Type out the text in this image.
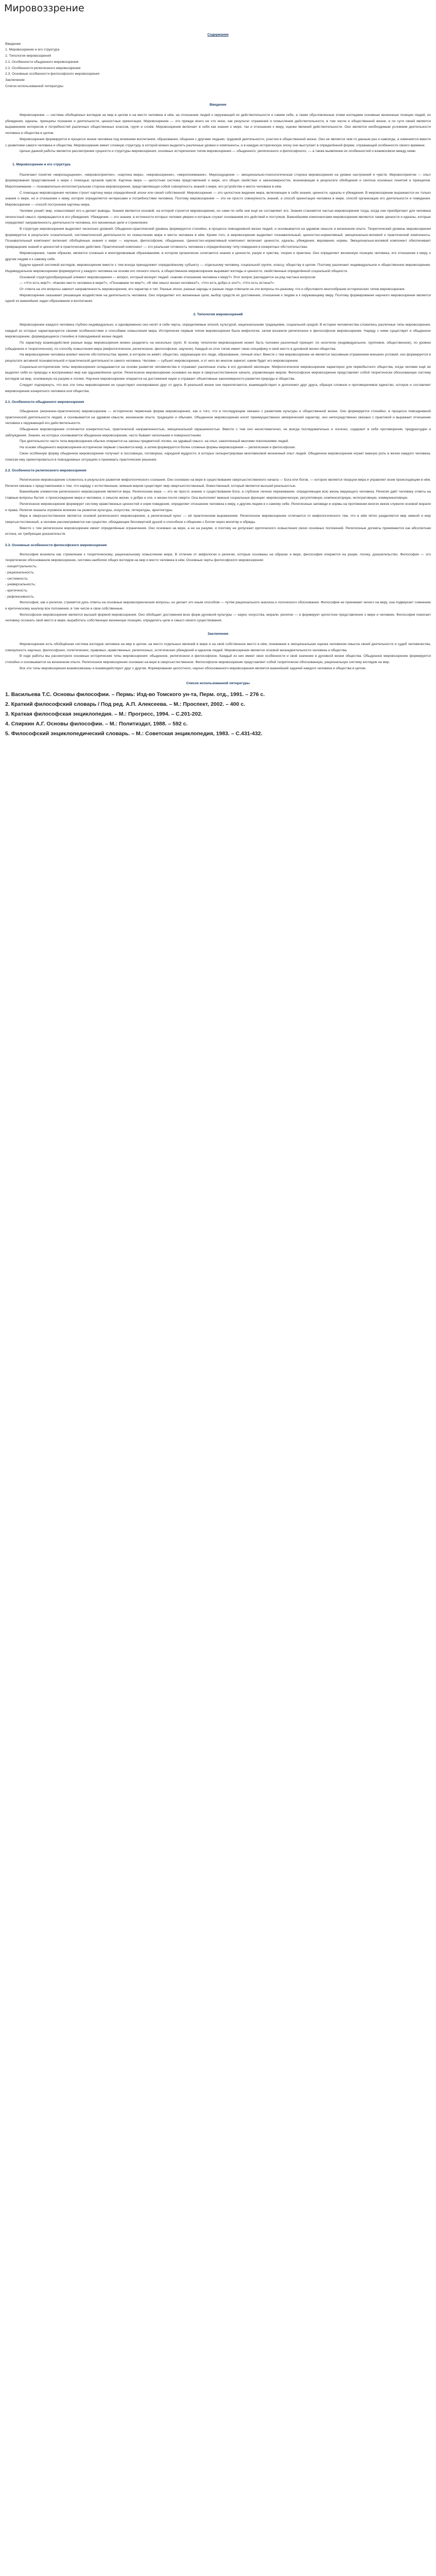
Мировоззрение
Содержание
Введение
1. Мировоззрение и его структура
2. Типология мировоззрений
2.1. Особенности обыденного мировоззрения
2.2. Особенности религиозного мировоззрения
2.3. Основные особенности философского мировоззрения
Заключение
Список использованной литературы
Введение

Мировоззрение — система обобщённых взглядов на мир в целом и на место человека в нём, на отношение людей к окружающей их действительности и самим себе, а также обусловленные этими взглядами основные жизненные позиции людей, их убеждения, идеалы, принципы познания и деятельности, ценностные ориентации. Мировоззрение — это прежде всего не что иное, как результат отражения и осмысления действительности, в том числе и общественной жизни, и по сути своей является выражением интересов и потребностей различных общественных классов, групп и слоёв. Мировоззрение включает в себя как знания о мире, так и отношение к миру, оценки явлений действительности. Оно является необходимым условием деятельности человека и общества в целом.

Мировоззрение формируется в процессе жизни человека под влиянием воспитания, образования, общения с другими людьми, трудовой деятельности, участия в общественной жизни. Оно не является чем-то данным раз и навсегда, а изменяется вместе с развитием самого человека и общества. Мировоззрение имеет сложную структуру, в которой можно выделить различные уровни и компоненты, и в каждую историческую эпоху оно выступает в определённой форме, отражающей особенности своего времени.

Целью данной работы является рассмотрение сущности и структуры мировоззрения, основных исторических типов мировоззрения — обыденного, религиозного и философского, — а также выявление их особенностей и взаимосвязи между ними.

1. Мировоззрение и его структура

Различают понятия «мироощущение», «мировосприятие», «картина мира», «мировоззрение», «миропонимание». Мироощущение — эмоционально-психологическая сторона мировоззрения на уровне настроений и чувств. Мировосприятие — опыт формирования представлений о мире с помощью органов чувств. Картина мира — целостная система представлений о мире, его общих свойствах и закономерностях, возникающая в результате обобщения и синтеза основных понятий и принципов. Миропонимание — познавательно-интеллектуальная сторона мировоззрения, представляющая собой совокупность знаний о мире, его устройстве и месте человека в нём.

С помощью мировоззрения человек строит картину мира определённой эпохи или своей собственной. Мировоззрение — это целостное видение мира, включающее в себя знания, ценности, идеалы и убеждения. В мировоззрении выражаются не только знания о мире, но и отношение к нему, которое определяется интересами и потребностями человека. Поэтому мировоззрение — это не просто совокупность знаний, а способ ориентации человека в мире, способ организации его деятельности и поведения. Мировоззрение — способ построения картины мира.

Человек узнаёт мир, осмысливает его и делает выводы. Знания являются основой, на которой строится мировоззрение, но сами по себе они ещё не составляют его. Знания становятся частью мировоззрения тогда, когда они приобретают для человека личностный смысл, превращаются в его убеждения. Убеждения — это знания, в истинности которых человек уверен и которые служат основанием его действий и поступков. Важнейшими компонентами мировоззрения являются также ценности и идеалы, которые определяют направленность деятельности человека, его жизненные цели и стремления.

В структуре мировоззрения выделяют несколько уровней. Обыденно-практический уровень формируется стихийно, в процессе повседневной жизни людей, и основывается на здравом смысле и жизненном опыте. Теоретический уровень мировоззрения формируется в результате сознательной, систематической деятельности по осмыслению мира и места человека в нём. Кроме того, в мировоззрении выделяют познавательный, ценностно-нормативный, эмоционально-волевой и практический компоненты. Познавательный компонент включает обобщённые знания о мире — научные, философские, обыденные. Ценностно-нормативный компонент включает ценности, идеалы, убеждения, верования, нормы. Эмоционально-волевой компонент обеспечивает превращение знаний и ценностей в практические действия. Практический компонент — это реальная готовность человека к определённому типу поведения в конкретных обстоятельствах.

Мировоззрение, таким образом, является сложным и многоуровневым образованием, в котором органически сочетаются знания и ценности, разум и чувства, теория и практика. Оно определяет жизненную позицию человека, его отношение к миру, к другим людям и к самому себе.

Будучи единой системой взглядов, мировоззрение вместе с тем всегда принадлежит определённому субъекту — отдельному человеку, социальной группе, классу, обществу в целом. Поэтому различают индивидуальное и общественное мировоззрение. Индивидуальное мировоззрение формируется у каждого человека на основе его личного опыта, а общественное мировоззрение выражает взгляды и ценности, свойственные определённой социальной общности.

Основной структурообразующий элемент мировоззрения — вопрос, который волнует людей: «каково отношение человека к миру?» Этот вопрос распадается на ряд частных вопросов:

— «Что есть мир?», «Каково место человека в мире?», «Познаваем ли мир?», «В чём смысл жизни человека?», «Что есть добро и зло?», «Что есть истина?».

От ответа на эти вопросы зависит направленность мировоззрения, его характер и тип. Разные эпохи, разные народы и разные люди отвечали на эти вопросы по-разному, что и обусловило многообразие исторических типов мировоззрения.

Мировоззрение оказывает решающее воздействие на деятельность человека. Оно определяет его жизненные цели, выбор средств их достижения, отношение к людям и к окружающему миру. Поэтому формирование научного мировоззрения является одной из важнейших задач образования и воспитания.

2. Типология мировоззрений

Мировоззрение каждого человека глубоко индивидуально, и одновременно оно несёт в себе черты, определяемые эпохой, культурой, национальными традициями, социальной средой. В истории человечества сложились различные типы мировоззрения, каждый из которых характеризуется своими особенностями и способами осмысления мира. Исторически первым типом мировоззрения была мифология, затем возникли религиозное и философское мировоззрение. Наряду с ними существует и обыденное мировоззрение, формирующееся стихийно в повседневной жизни людей.

По характеру взаимодействия разные виды мировоззрения можно разделить на несколько групп. В основу типологии мировоззрения может быть положен различный принцип: по носителю (индивидуальное, групповое, общественное), по уровню (обыденное и теоретическое), по способу осмысления мира (мифологическое, религиозное, философское, научное). Каждый из этих типов имеет свою специфику и своё место в духовной жизни общества.

На мировоззрение человека влияют многие обстоятельства: время, в котором он живёт, общество, окружающие его люди, образование, личный опыт. Вместе с тем мировоззрение не является пассивным отражением внешних условий, оно формируется в результате активной познавательной и практической деятельности самого человека. Человек — субъект мировоззрения, и от него во многом зависит, каким будет его мировоззрение.

Социально-исторические типы мировоззрения складываются на основе развития человечества и отражают различные этапы в его духовной эволюции. Мифологическое мировоззрение характерно для первобытного общества, когда человек ещё не выделял себя из природы и воспринимал мир как одушевлённое целое. Религиозное мировоззрение основано на вере в сверхъестественное начало, управляющее миром. Философское мировоззрение представляет собой теоретически обоснованную систему взглядов на мир, основанную на разуме и логике. Научное мировоззрение опирается на достижения науки и отражает объективные закономерности развития природы и общества.

Следует подчеркнуть, что все эти типы мировоззрения не существуют изолированно друг от друга. В реальной жизни они переплетаются, взаимодействуют и дополняют друг друга, образуя сложное и противоречивое единство, которое и составляет мировоззрение конкретного человека или общества.

2.1. Особенности обыденного мировоззрения

Обыденное (жизненно-практическое) мировоззрение — исторически первичная форма мировоззрения, как и того, что в последующем связано с развитием культуры и общественной жизни. Оно формируется стихийно, в процессе повседневной практической деятельности людей, и основывается на здравом смысле, жизненном опыте, традициях и обычаях. Обыденное мировоззрение носит преимущественно эмпирический характер, оно непосредственно связано с практикой и выражает отношение человека к окружающей его действительности.

Обыденное мировоззрение отличается конкретностью, практической направленностью, эмоциональной окрашенностью. Вместе с тем оно несистематично, не всегда последовательно и логично, содержит в себе противоречия, предрассудки и заблуждения. Знания, на которых основывается обыденное мировоззрение, часто бывают неполными и поверхностными.

При деятельности части тела мировоззрения обычно опирается на законы предметной логики, на здравый смысл, на опыт, накопленный многими поколениями людей.

На основе обыденного мировоззрения исторически первым становится миф, а затем формируются более сложные формы мировоззрения — религиозная и философская.

Свою особенную форму обыденное мировоззрение получает в пословицах, поговорках, народной мудрости, в которых сконцентрирован многовековой жизненный опыт людей. Обыденное мировоззрение играет важную роль в жизни каждого человека, помогая ему ориентироваться в повседневных ситуациях и принимать практические решения.

2.2. Особенности религиозного мировоззрения

Религиозное мировоззрение сложилось в результате развития мифологического сознания. Оно основано на вере в существование сверхъестественного начала — Бога или богов, — которое является творцом мира и управляет всем происходящим в нём. Религия связана с представлением о том, что наряду с естественным, земным миром существует мир сверхъестественный, божественный, который является высшей реальностью.

Важнейшим элементом религиозного мировоззрения является вера. Религиозная вера — это не просто знание о существовании Бога, а глубокое личное переживание, определяющее всю жизнь верующего человека. Религия даёт человеку ответы на главные вопросы бытия: о происхождении мира и человека, о смысле жизни, о добре и зле, о жизни после смерти. Она выполняет важные социальные функции: мировоззренческую, регулятивную, компенсаторную, интегративную, коммуникативную.

Религиозное мировоззрение формирует систему нравственных ценностей и норм поведения, определяет отношение человека к миру, к другим людям и к самому себе. Религиозные заповеди и нормы на протяжении многих веков служили основой морали и права. Религия оказала огромное влияние на развитие культуры, искусства, литературы, архитектуры.

Вера в сверхъестественное является основой религиозного мировоззрения, а религиозный культ — её практическим выражением. Религиозное мировоззрение отличается от мифологического тем, что в нём чётко разделяется мир земной и мир сверхъестественный, а человек рассматривается как существо, обладающее бессмертной душой и способное к общению с Богом через молитву и обряды.

Вместе с тем религиозное мировоззрение имеет определённые ограничения. Оно основано на вере, а не на разуме, и поэтому не допускает критического осмысления своих основных положений. Религиозные догматы принимаются как абсолютная истина, не требующая доказательств.

2.3. Основные особенности философского мировоззрения

Философия возникла как стремление к теоретическому, рациональному осмыслению мира. В отличие от мифологии и религии, которые основаны на образах и вере, философия опирается на разум, логику, доказательство. Философия — это теоретически обоснованное мировоззрение, система наиболее общих взглядов на мир и место человека в нём. Основные черты философского мировоззрения:

- концептуальность;
- рациональность;
- системность;
- универсальность;
- критичность;
- рефлексивность.

Философия, как и религия, стремится дать ответы на основные мировоззренческие вопросы, но делает это иным способом — путём рационального анализа и логического обоснования. Философия не принимает ничего на веру, она подвергает сомнению и критическому анализу все положения, в том числе и свои собственные.

Философское мировоззрение является высшей формой мировоззрения. Оно обобщает достижения всех форм духовной культуры — науки, искусства, морали, религии — и формирует целостное представление о мире и человеке. Философия помогает человеку осознать своё место в мире, выработать собственную жизненную позицию, определить цели и смысл своего существования.

Заключение

Мировоззрение есть обобщённая система взглядов человека на мир в целом, на место отдельных явлений в мире и на своё собственное место в нём, понимание и эмоциональная оценка человеком смысла своей деятельности и судеб человечества, совокупность научных, философских, политических, правовых, нравственных, религиозных, эстетических убеждений и идеалов людей. Мировоззрение является основой жизнедеятельности человека и общества.

В ходе работы мы рассмотрели основные исторические типы мировоззрения: обыденное, религиозное и философское. Каждый из них имеет свои особенности и своё значение в духовной жизни общества. Обыденное мировоззрение формируется стихийно и основывается на жизненном опыте. Религиозное мировоззрение основано на вере в сверхъестественное. Философское мировоззрение представляет собой теоретически обоснованную, рациональную систему взглядов на мир.

Все эти типы мировоззрения взаимосвязаны и взаимодействуют друг с другом. Формирование целостного, научно обоснованного мировоззрения является важнейшей задачей каждого человека и общества в целом.

Список использованной литературы
1. Васильева Т.С. Основы философии. – Пермь: Изд-во Томского ун-та, Перм. отд., 1991. – 276 с.
2. Краткий философский словарь / Под ред. А.П. Алексеева. – М.: Проспект, 2002. – 400 с.
3. Краткая философская энциклопедия. – М.: Прогресс, 1994. – С.201-202.
4. Спиркин А.Г. Основы философии. – М.: Политиздат, 1988. – 592 с.
5. Философский энциклопедический словарь. – М.: Советская энциклопедия, 1983. – С.431-432.
